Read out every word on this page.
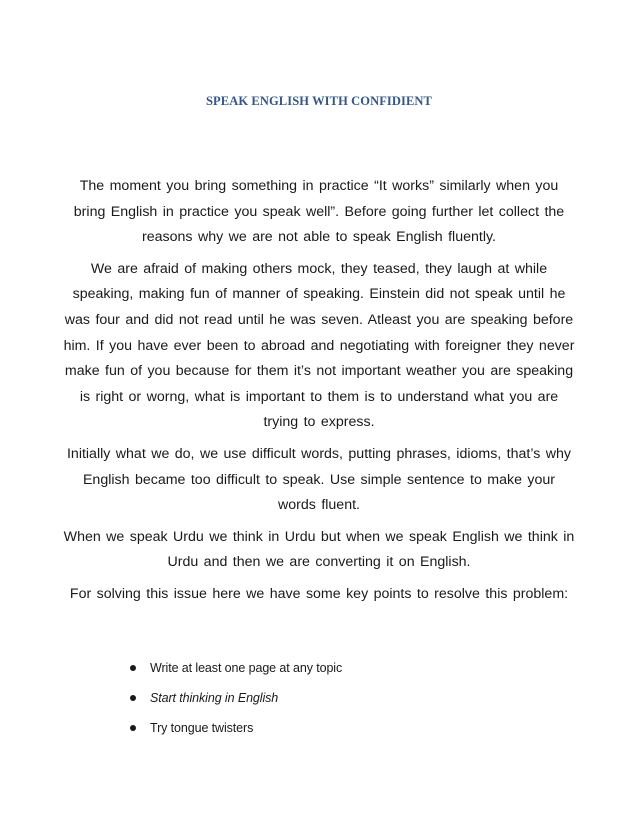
SPEAK ENGLISH WITH CONFIDIENT

The moment you bring something in practice “It works” similarly when you bring English in practice you speak well”. Before going further let collect the reasons why we are not able to speak English fluently.

We are afraid of making others mock, they teased, they laugh at while speaking, making fun of manner of speaking. Einstein did not speak until he was four and did not read until he was seven. Atleast you are speaking before him. If you have ever been to abroad and negotiating with foreigner they never make fun of you because for them it’s not important weather you are speaking is right or worng, what is important to them is to understand what you are trying to express.

Initially what we do, we use difficult words, putting phrases, idioms, that’s why English became too difficult to speak. Use simple sentence to make your words fluent.

When we speak Urdu we think in Urdu but when we speak English we think in Urdu and then we are converting it on English.

For solving this issue here we have some key points to resolve this problem:

Write at least one page at any topic
Start thinking in English
Try tongue twisters
